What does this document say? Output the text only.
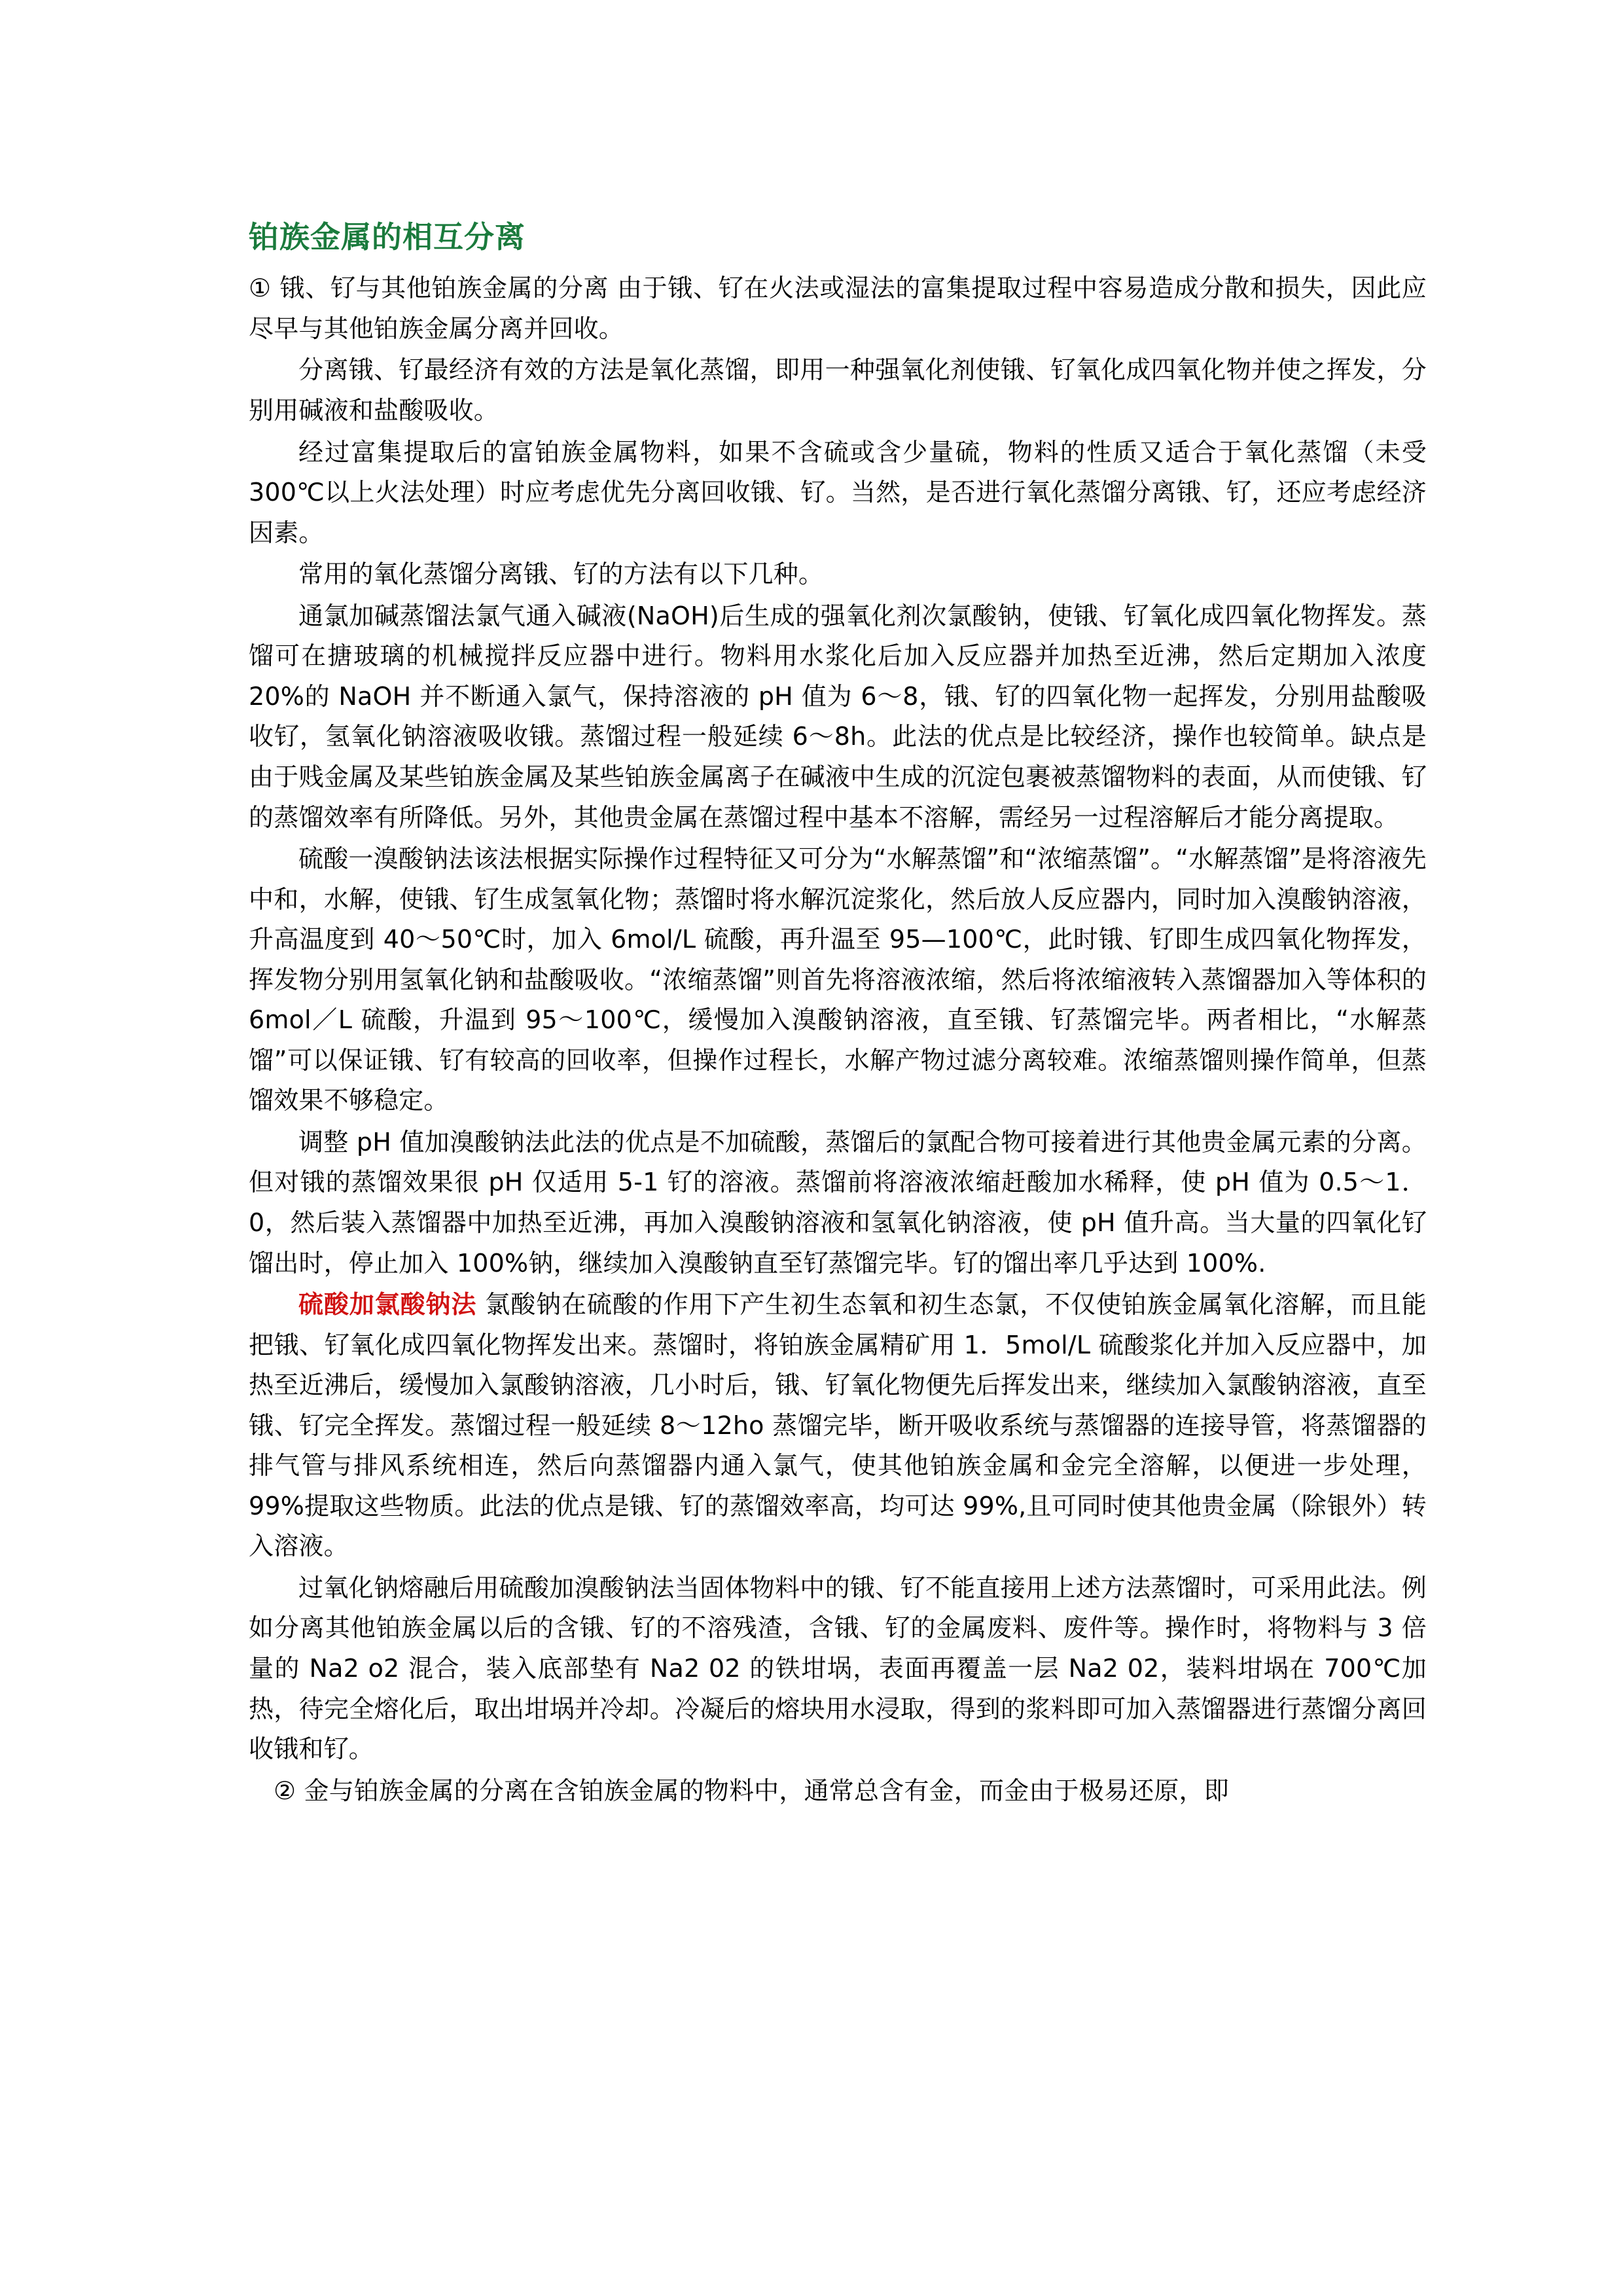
铂族金属的相互分离

① 锇、钌与其他铂族金属的分离 由于锇、钌在火法或湿法的富集提取过程中容易造成分散和损失，因此应尽早与其他铂族金属分离并回收。

分离锇、钌最经济有效的方法是氧化蒸馏，即用一种强氧化剂使锇、钌氧化成四氧化物并使之挥发，分别用碱液和盐酸吸收。

经过富集提取后的富铂族金属物料，如果不含硫或含少量硫，物料的性质又适合于氧化蒸馏（未受 300℃以上火法处理）时应考虑优先分离回收锇、钌。当然，是否进行氧化蒸馏分离锇、钌，还应考虑经济因素。

常用的氧化蒸馏分离锇、钌的方法有以下几种。

通氯加碱蒸馏法氯气通入碱液(NaOH)后生成的强氧化剂次氯酸钠，使锇、钌氧化成四氧化物挥发。蒸馏可在搪玻璃的机械搅拌反应器中进行。物料用水浆化后加入反应器并加热至近沸，然后定期加入浓度 20%的 NaOH 并不断通入氯气，保持溶液的 pH 值为 6～8，锇、钌的四氧化物一起挥发，分别用盐酸吸收钌，氢氧化钠溶液吸收锇。蒸馏过程一般延续 6～8h。此法的优点是比较经济，操作也较简单。缺点是由于贱金属及某些铂族金属及某些铂族金属离子在碱液中生成的沉淀包裹被蒸馏物料的表面，从而使锇、钌的蒸馏效率有所降低。另外，其他贵金属在蒸馏过程中基本不溶解，需经另一过程溶解后才能分离提取。

硫酸一溴酸钠法该法根据实际操作过程特征又可分为“水解蒸馏”和“浓缩蒸馏”。“水解蒸馏”是将溶液先中和，水解，使锇、钌生成氢氧化物；蒸馏时将水解沉淀浆化，然后放人反应器内，同时加入溴酸钠溶液，升高温度到 40～50℃时，加入 6mol/L 硫酸，再升温至 95—100℃，此时锇、钌即生成四氧化物挥发，挥发物分别用氢氧化钠和盐酸吸收。“浓缩蒸馏”则首先将溶液浓缩，然后将浓缩液转入蒸馏器加入等体积的 6mol／L 硫酸，升温到 95～100℃，缓慢加入溴酸钠溶液，直至锇、钌蒸馏完毕。两者相比，“水解蒸馏”可以保证锇、钌有较高的回收率，但操作过程长，水解产物过滤分离较难。浓缩蒸馏则操作简单，但蒸馏效果不够稳定。

调整 pH 值加溴酸钠法此法的优点是不加硫酸，蒸馏后的氯配合物可接着进行其他贵金属元素的分离。但对锇的蒸馏效果很 pH 仅适用 5-1 钌的溶液。蒸馏前将溶液浓缩赶酸加水稀释，使 pH 值为 0.5～1．0，然后装入蒸馏器中加热至近沸，再加入溴酸钠溶液和氢氧化钠溶液，使 pH 值升高。当大量的四氧化钌馏出时，停止加入 100%钠，继续加入溴酸钠直至钌蒸馏完毕。钌的馏出率几乎达到 100%.

硫酸加氯酸钠法 氯酸钠在硫酸的作用下产生初生态氧和初生态氯，不仅使铂族金属氧化溶解，而且能把锇、钌氧化成四氧化物挥发出来。蒸馏时，将铂族金属精矿用 1．5mol/L 硫酸浆化并加入反应器中，加热至近沸后，缓慢加入氯酸钠溶液，几小时后，锇、钌氧化物便先后挥发出来，继续加入氯酸钠溶液，直至锇、钌完全挥发。蒸馏过程一般延续 8～12ho 蒸馏完毕，断开吸收系统与蒸馏器的连接导管，将蒸馏器的排气管与排风系统相连，然后向蒸馏器内通入氯气，使其他铂族金属和金完全溶解，以便进一步处理，99%提取这些物质。此法的优点是锇、钌的蒸馏效率高，均可达 99%,且可同时使其他贵金属（除银外）转入溶液。

过氧化钠熔融后用硫酸加溴酸钠法当固体物料中的锇、钌不能直接用上述方法蒸馏时，可采用此法。例如分离其他铂族金属以后的含锇、钌的不溶残渣，含锇、钌的金属废料、废件等。操作时，将物料与 3 倍量的 Na2 o2 混合，装入底部垫有 Na2 02 的铁坩埚，表面再覆盖一层 Na2 02，装料坩埚在 700℃加热，待完全熔化后，取出坩埚并冷却。冷凝后的熔块用水浸取，得到的浆料即可加入蒸馏器进行蒸馏分离回收锇和钌。

② 金与铂族金属的分离在含铂族金属的物料中，通常总含有金，而金由于极易还原，即
